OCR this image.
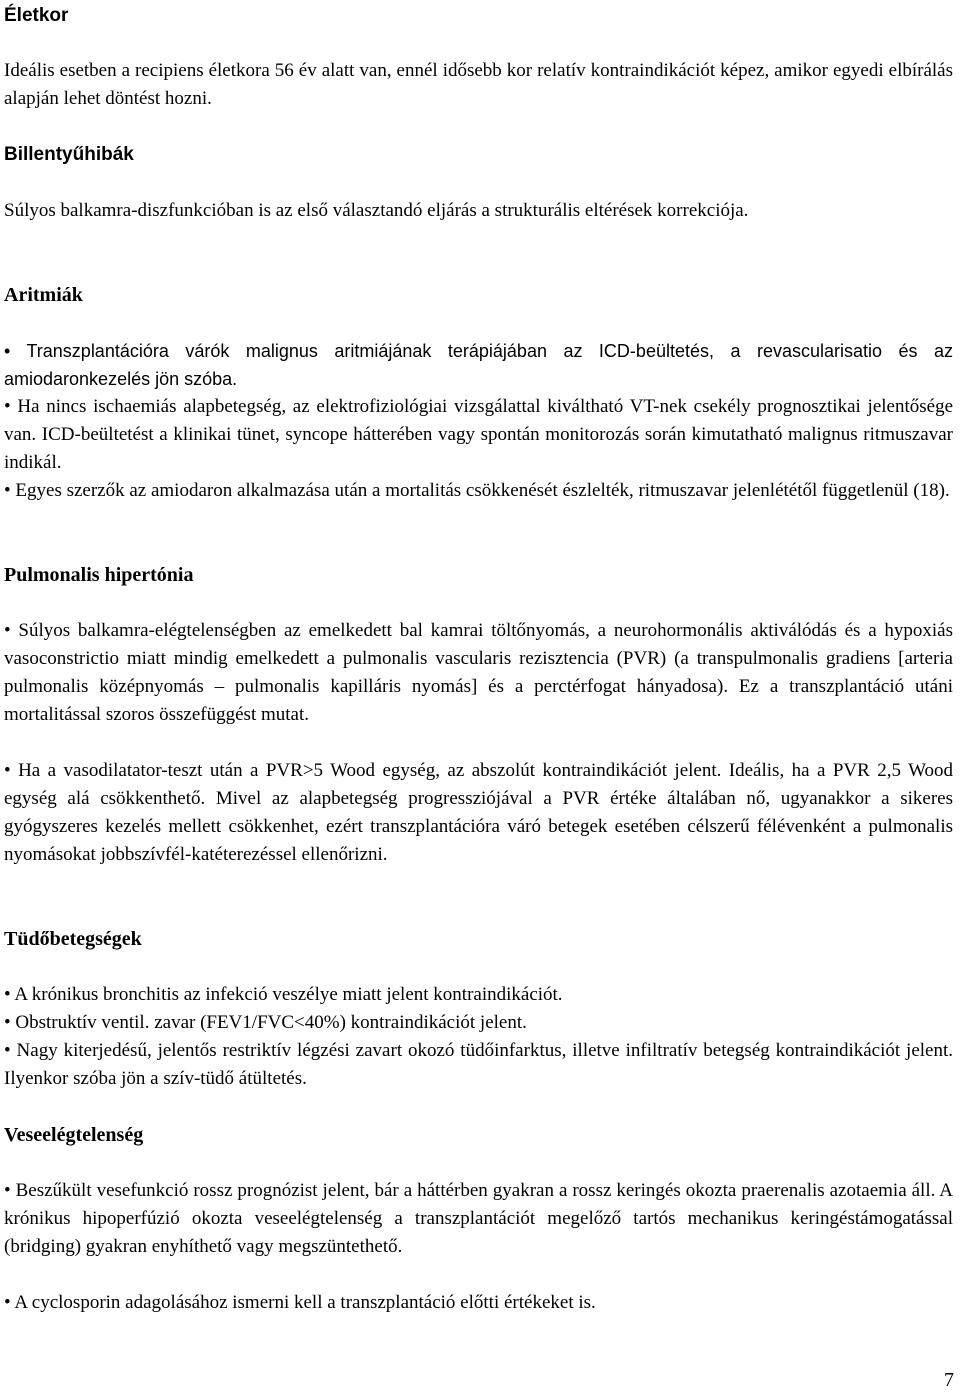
Életkor

Ideális esetben a recipiens életkora 56 év alatt van, ennél idősebb kor relatív kontraindikációt képez, amikor egyedi elbírálás alapján lehet döntést hozni.

Billentyűhibák

Súlyos balkamra-diszfunkcióban is az első választandó eljárás a strukturális eltérések korrekciója.

Aritmiák

• Transzplantációra várók malignus aritmiájának terápiájában az ICD-beültetés, a revascularisatio és az amiodaronkezelés jön szóba.

• Ha nincs ischaemiás alapbetegség, az elektrofiziológiai vizsgálattal kiváltható VT-nek csekély prognosztikai jelentősége van. ICD-beültetést a klinikai tünet, syncope hátterében vagy spontán monitorozás során kimutatható malignus ritmuszavar indikál.

• Egyes szerzők az amiodaron alkalmazása után a mortalitás csökkenését észlelték, ritmuszavar jelenlététől függetlenül (18).

Pulmonalis hipertónia

• Súlyos balkamra-elégtelenségben az emelkedett bal kamrai töltőnyomás, a neurohormonális aktiválódás és a hypoxiás vasoconstrictio miatt mindig emelkedett a pulmonalis vascularis rezisztencia (PVR) (a transpulmonalis gradiens [arteria pulmonalis középnyomás – pulmonalis kapilláris nyomás] és a perctérfogat hányadosa). Ez a transzplantáció utáni mortalitással szoros összefüggést mutat.

• Ha a vasodilatator-teszt után a PVR>5 Wood egység, az abszolút kontraindikációt jelent. Ideális, ha a PVR 2,5 Wood egység alá csökkenthető. Mivel az alapbetegség progressziójával a PVR értéke általában nő, ugyanakkor a sikeres gyógyszeres kezelés mellett csökkenhet, ezért transzplantációra váró betegek esetében célszerű félévenként a pulmonalis nyomásokat jobbszívfél-katéterezéssel ellenőrizni.

Tüdőbetegségek

• A krónikus bronchitis az infekció veszélye miatt jelent kontraindikációt.

• Obstruktív ventil. zavar (FEV1/FVC<40%) kontraindikációt jelent.

• Nagy kiterjedésű, jelentős restriktív légzési zavart okozó tüdőinfarktus, illetve infiltratív betegség kontraindikációt jelent. Ilyenkor szóba jön a szív-tüdő átültetés.

Veseelégtelenség

• Beszűkült vesefunkció rossz prognózist jelent, bár a háttérben gyakran a rossz keringés okozta praerenalis azotaemia áll. A krónikus hipoperfúzió okozta veseelégtelenség a transzplantációt megelőző tartós mechanikus keringéstámogatással (bridging) gyakran enyhíthető vagy megszüntethető.

• A cyclosporin adagolásához ismerni kell a transzplantáció előtti értékeket is.

7
